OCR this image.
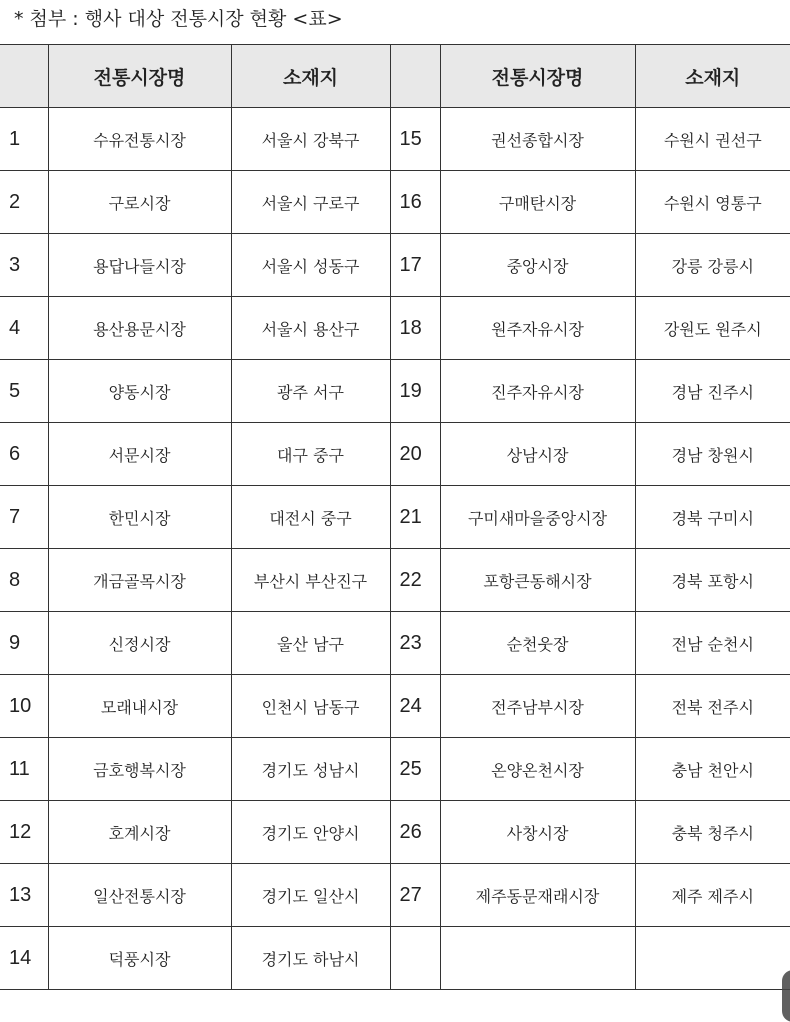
* 첨부 : 행사 대상 전통시장 현황 <표>
	전통시장명	소재지		전통시장명	소재지
1	수유전통시장	서울시 강북구	15	권선종합시장	수원시 권선구
2	구로시장	서울시 구로구	16	구매탄시장	수원시 영통구
3	용답나들시장	서울시 성동구	17	중앙시장	강릉 강릉시
4	용산용문시장	서울시 용산구	18	원주자유시장	강원도 원주시
5	양동시장	광주 서구	19	진주자유시장	경남 진주시
6	서문시장	대구 중구	20	상남시장	경남 창원시
7	한민시장	대전시 중구	21	구미새마을중앙시장	경북 구미시
8	개금골목시장	부산시 부산진구	22	포항큰동해시장	경북 포항시
9	신정시장	울산 남구	23	순천웃장	전남 순천시
10	모래내시장	인천시 남동구	24	전주남부시장	전북 전주시
11	금호행복시장	경기도 성남시	25	온양온천시장	충남 천안시
12	호계시장	경기도 안양시	26	사창시장	충북 청주시
13	일산전통시장	경기도 일산시	27	제주동문재래시장	제주 제주시
14	덕풍시장	경기도 하남시			
